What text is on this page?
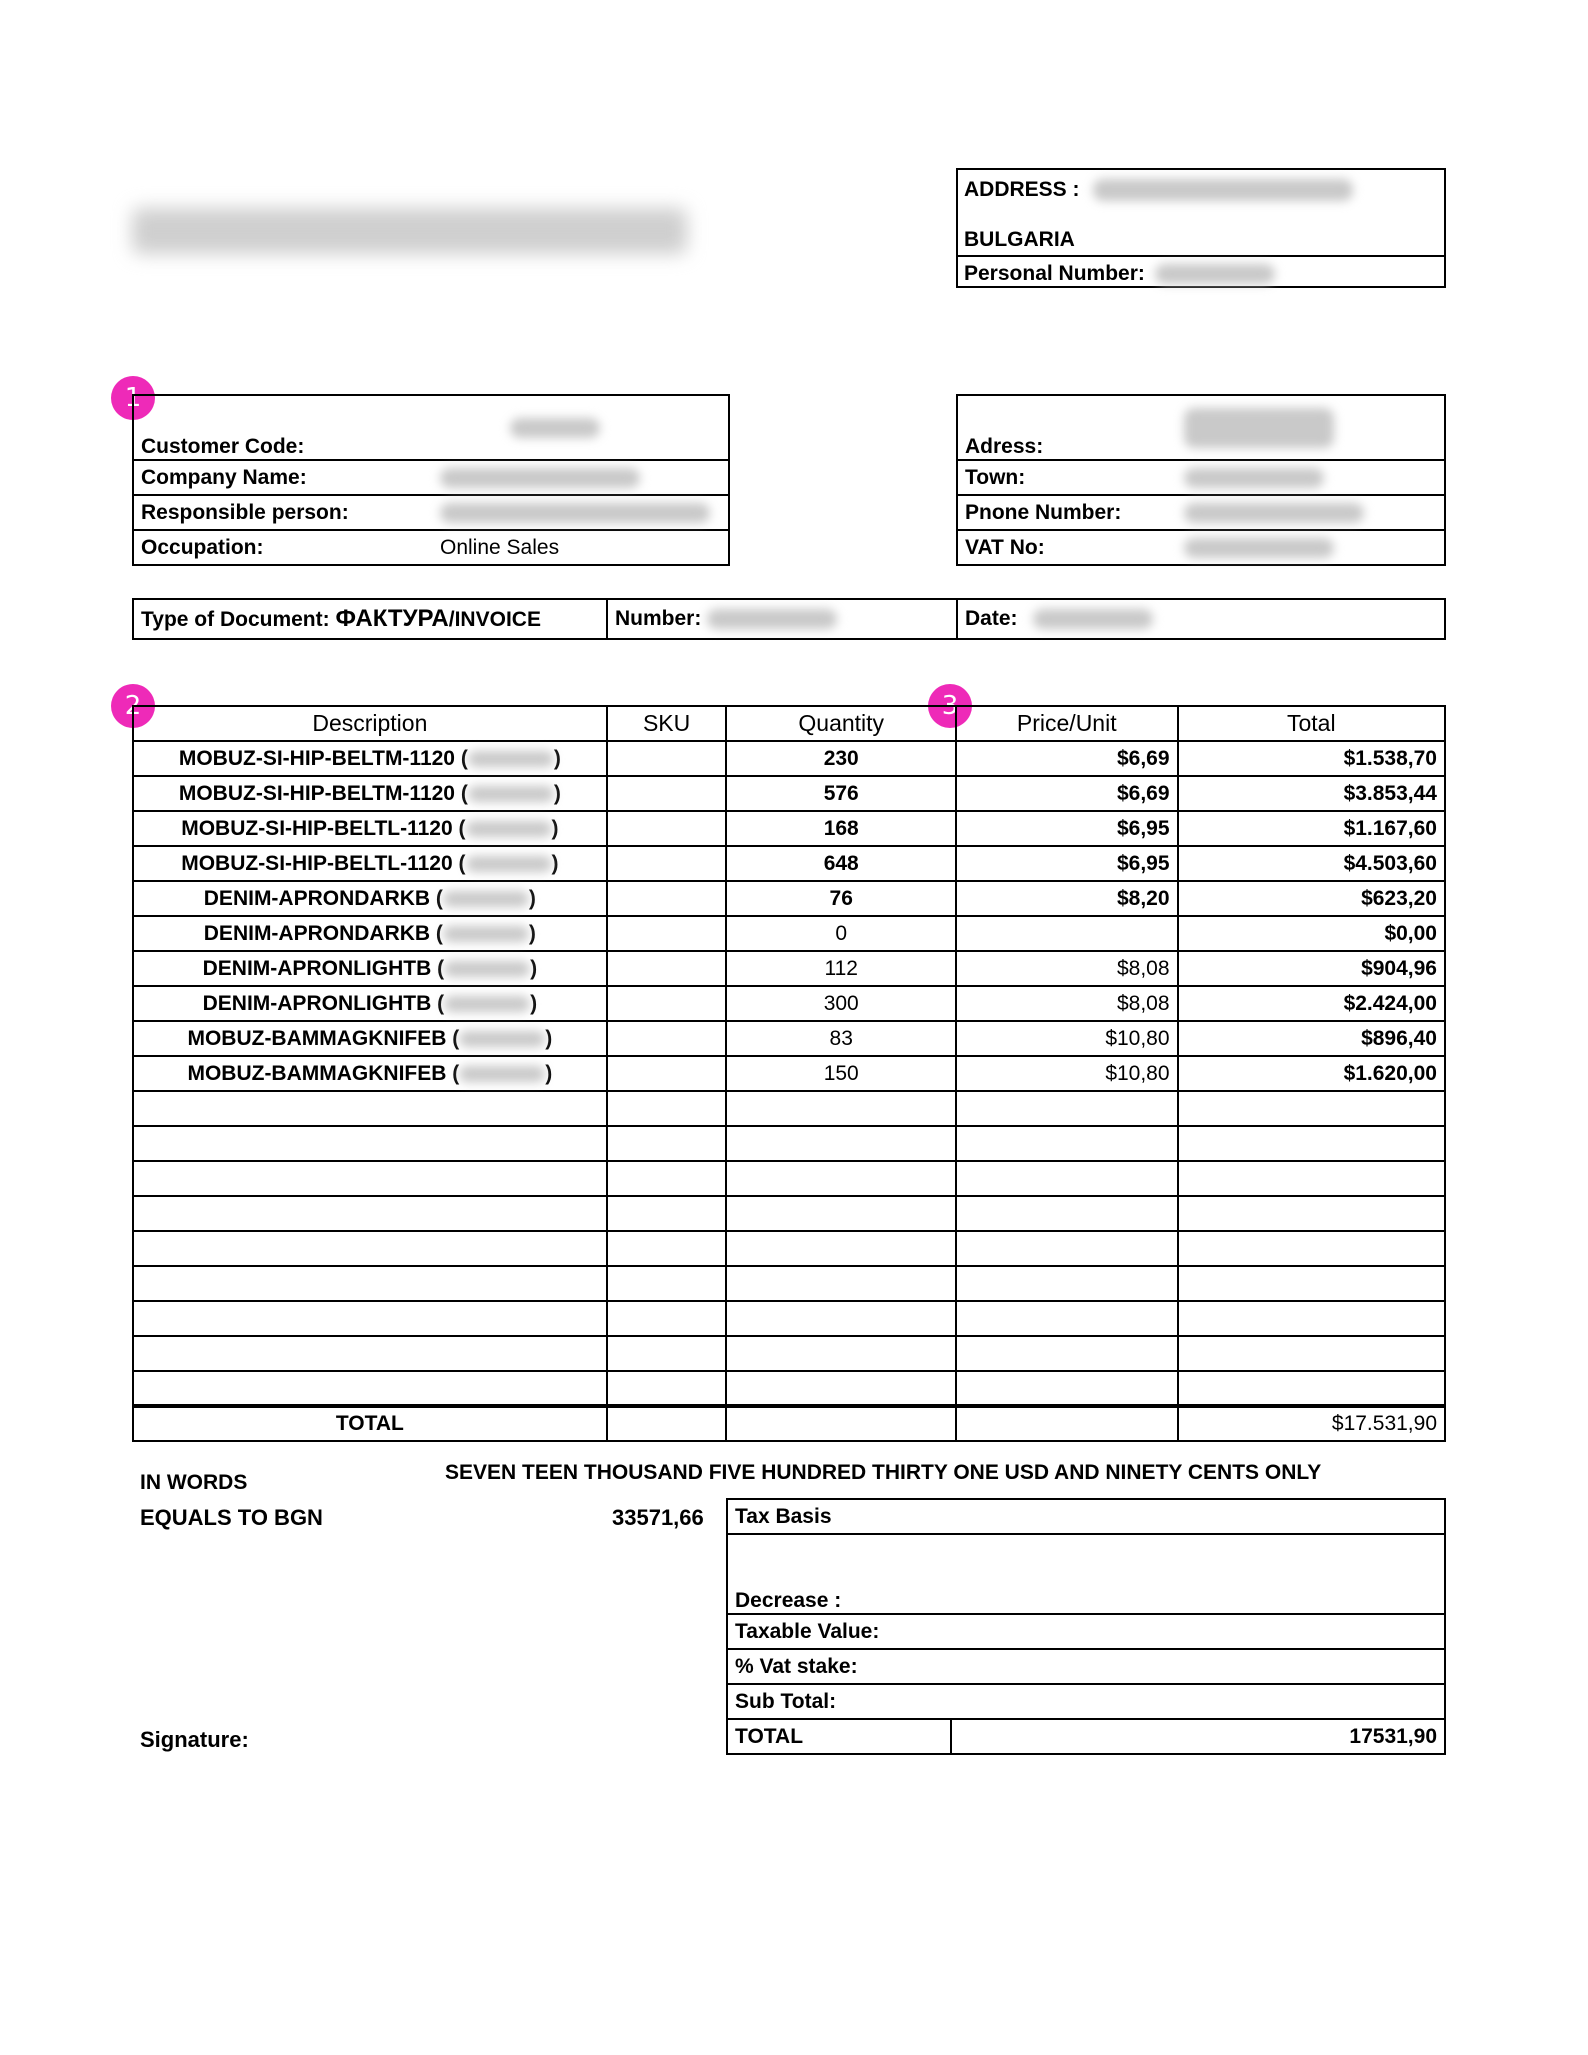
ADDRESS :
BULGARIA
Personal Number:
1
Customer Code:	
Company Name:	
Responsible person:	
Occupation:	Online Sales
Adress:	
Town:	
Pnone Number:	
VAT No:	
Type of Document: ФАКТУРА/INVOICE	Number:	Date:
2	3
Description	SKU	Quantity	Price/Unit	Total
MOBUZ-SI-HIP-BELTM-1120 ( )		230	$6,69	$1.538,70
MOBUZ-SI-HIP-BELTM-1120 ( )		576	$6,69	$3.853,44
MOBUZ-SI-HIP-BELTL-1120 ( )		168	$6,95	$1.167,60
MOBUZ-SI-HIP-BELTL-1120 ( )		648	$6,95	$4.503,60
DENIM-APRONDARKB ( )		76	$8,20	$623,20
DENIM-APRONDARKB ( )		0		$0,00
DENIM-APRONLIGHTB ( )		112	$8,08	$904,96
DENIM-APRONLIGHTB ( )		300	$8,08	$2.424,00
MOBUZ-BAMMAGKNIFEB ( )		83	$10,80	$896,40
MOBUZ-BAMMAGKNIFEB ( )		150	$10,80	$1.620,00

TOTAL				$17.531,90
IN WORDS	SEVEN TEEN THOUSAND FIVE HUNDRED THIRTY ONE USD AND NINETY CENTS ONLY
EQUALS TO BGN	33571,66
Signature:
Tax Basis
Decrease :
Taxable Value:
% Vat stake:
Sub Total:
TOTAL	17531,90
